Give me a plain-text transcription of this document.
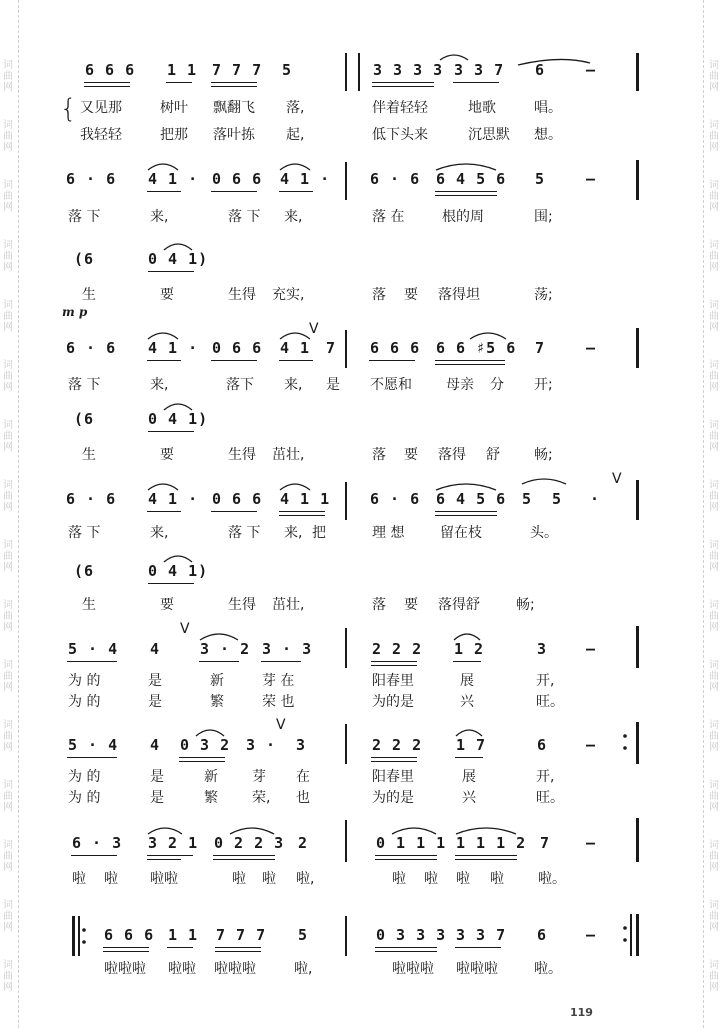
词
曲
网
词
曲
网
词
曲
网
词
曲
网
词
曲
网
词
曲
网
词
曲
网
词
曲
网
词
曲
网
词
曲
网
词
曲
网
词
曲
网
词
曲
网
词
曲
网
词
曲
网
词
曲
网
词
曲
网
词
曲
网
词
曲
网
词
曲
网
词
曲
网
词
曲
网
词
曲
网
词
曲
网
词
曲
网
词
曲
网
词
曲
网
词
曲
网
词
曲
网
词
曲
网
词
曲
网
词
曲
网
6 6 6 1 1 7 7 7 5	3 3 3 3 3 3 7 6	—
{ 又见那	树叶 飘翻飞 落,	伴着轻轻	地歌	唱。
我轻轻	把那 落叶拣 起,	低下头来	沉思默 想。
6 · 6 4 1 · 0 6 6 4 1 ·	6 · 6 6 4 5 6 5	—
落 下	来,	落 下 来,	落 在	根的周	围;
(6	0 4 1)
生	要	生得 充实,	落 要 落得坦	荡;
m p
6 · 6 4 1 · 0 6 6 4 1 7 6 6 6 6 6 ♯5 6 7	—
V
落 下	来,	落下 来, 是 不愿和 母亲 分 开;
(6	0 4 1)
生	要	生得 茁壮,	落 要 落得 舒 畅;
6 · 6 4 1 · 0 6 6 4 1 1	6 · 6 6 4 5 6 5 5 ·
V
落 下	来,	落 下 来, 把	理 想	留在枝	头。
(6	0 4 1)
生	要	生得 茁壮,	落 要 落得舒	畅;
5 · 4 4	3 · 2 3 · 3	2 2 2 1 2	3	—
V
为 的	是	新	芽 在	阳春里	展	开,
为 的	是	繁	荣 也	为的是	兴	旺。
5 · 4 4 0 3 2 3 · 3	2 2 2 1 7	6	—
V
为 的	是	新 芽 在	阳春里	展	开,
为 的	是	繁 荣, 也	为的是	兴	旺。
6 · 3 3 2 1 0 2 2 3 2	0 1 1 1 1 1 1 2 7 —
啦 啦 啦啦	啦 啦 啦,	啦 啦 啦 啦 啦。
6 6 6 1 1 7 7 7 5	0 3 3 3 3 3 7 6	—
啦啦啦 啦啦 啦啦啦	啦,	啦啦啦 啦啦啦	啦。
119
